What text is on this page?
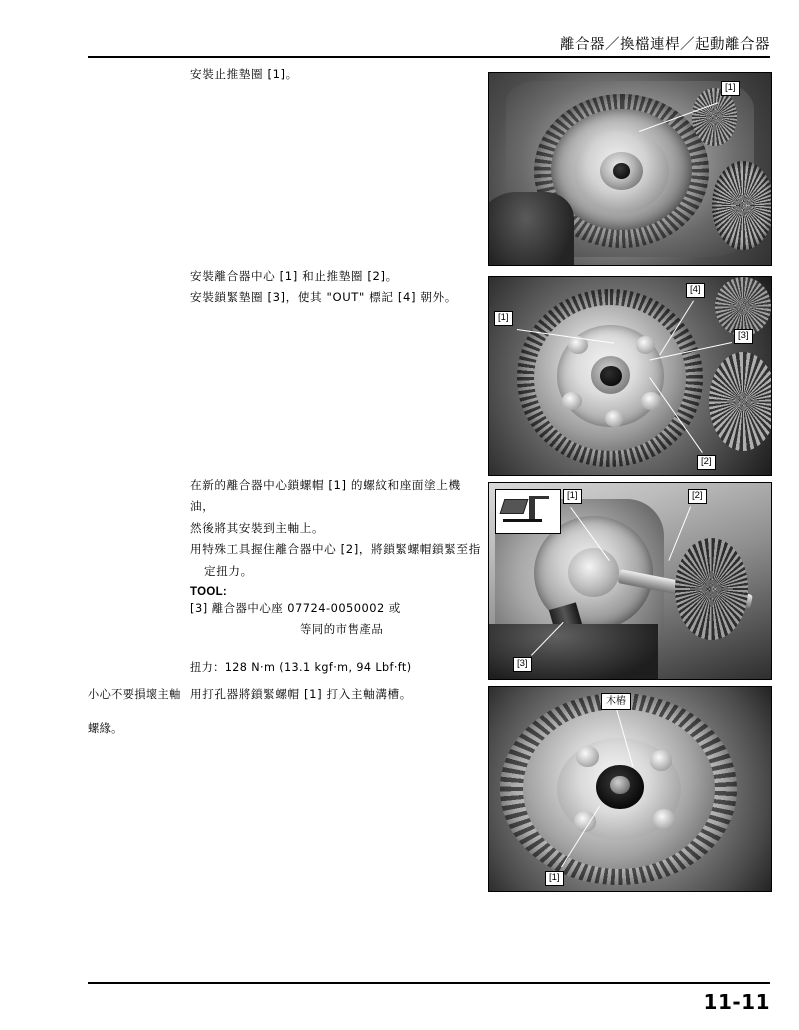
離合器／換檔連桿／起動離合器

安裝止推墊圈 [1]。

安裝離合器中心 [1] 和止推墊圈 [2]。

安裝鎖緊墊圈 [3]，使其 "OUT" 標記 [4] 朝外。

在新的離合器中心鎖螺帽 [1] 的螺紋和座面塗上機油，

然後將其安裝到主軸上。

用特殊工具握住離合器中心 [2]，將鎖緊螺帽鎖緊至指

定扭力。

TOOL:
[3] 離合器中心座 07724-0050002 或
等同的市售產品
扭力：128 N·m (13.1 kgf·m, 94 Lbf·ft)
小心不要損壞主軸
螺緣。

用打孔器將鎖緊螺帽 [1] 打入主軸溝槽。

[1]
[1]
[4]
[3]
[2]
[1]	[2]
[3]
木樁
[1]
11-11
